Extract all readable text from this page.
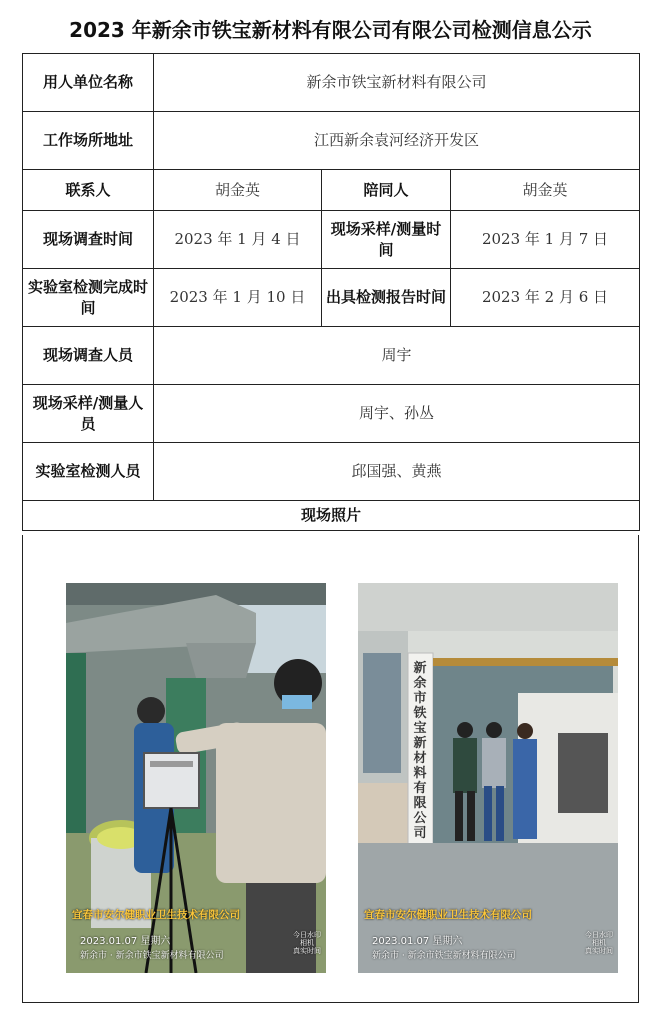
2023 年新余市铁宝新材料有限公司有限公司检测信息公示
用人单位名称	新余市铁宝新材料有限公司		
工作场所地址	江西新余袁河经济开发区		
联系人	胡金英	陪同人	胡金英
现场调查时间	2023 年 1 月 4 日	现场采样/测量时间	2023 年 1 月 7 日
实验室检测完成时间	2023 年 1 月 10 日	出具检测报告时间	2023 年 2 月 6 日
现场调查人员	周宇		
现场采样/测量人员	周宇、孙丛		
实验室检测人员	邱国强、黄燕		
现场照片			
宜春市安尔健职业卫生技术有限公司
2023.01.07 星期六
新余市 · 新余市铁宝新材料有限公司
今日水印
相机
真实时间
新余市铁宝新材料有限公司
宜春市安尔健职业卫生技术有限公司
2023.01.07 星期六
新余市 · 新余市铁宝新材料有限公司
今日水印
相机
真实时间
